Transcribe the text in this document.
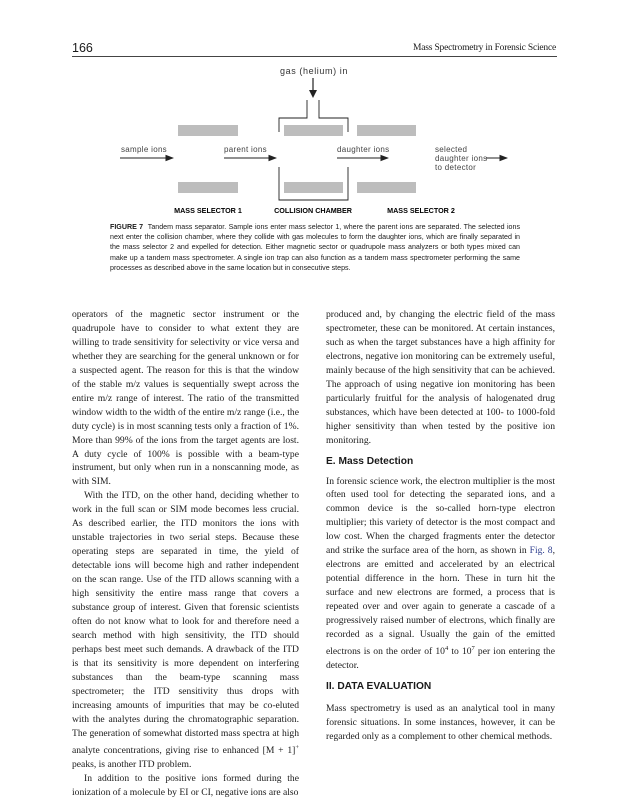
166	Mass Spectrometry in Forensic Science
gas (helium) in
sample ions	parent ions	daughter ions	selected
daughter ions
to detector
MASS SELECTOR 1	COLLISION CHAMBER	MASS SELECTOR 2
FIGURE 7 Tandem mass separator. Sample ions enter mass selector 1, where the parent ions are separated. The selected ions next enter the collision chamber, where they collide with gas molecules to form the daughter ions, which are finally separated in the mass selector 2 and expelled for detection. Either magnetic sector or quadrupole mass analyzers or both types mixed can make up a tandem mass spectrometer. A single ion trap can also function as a tandem mass spectrometer performing the same processes as described above in the same location but in consecutive steps.

operators of the magnetic sector instrument or the quadrupole have to consider to what extent they are willing to trade sensitivity for selectivity or vice versa and whether they are searching for the general unknown or for a suspected agent. The reason for this is that the window of the stable m/z values is sequentially swept across the entire m/z range of interest. The ratio of the transmitted window width to the width of the entire m/z range (i.e., the duty cycle) is in most scanning tests only a fraction of 1%. More than 99% of the ions from the target agents are lost. A duty cycle of 100% is possible with a beam-type instrument, but only when run in a nonscanning mode, as with SIM.

With the ITD, on the other hand, deciding whether to work in the full scan or SIM mode becomes less crucial. As described earlier, the ITD monitors the ions with unstable trajectories in two serial steps. Because these operating steps are separated in time, the yield of detectable ions will become high and rather independent on the scan range. Use of the ITD allows scanning with a high sensitivity the entire mass range that covers a substance group of interest. Given that forensic scientists often do not know what to look for and therefore need a search method with high sensitivity, the ITD should perhaps best meet such demands. A drawback of the ITD is that its sensitivity is more dependent on interfering substances than the beam-type scanning mass spectrometer; the ITD sensitivity thus drops with increasing amounts of impurities that may be co-eluted with the analytes during the chromatographic separation. The generation of somewhat distorted mass spectra at high analyte concentrations, giving rise to enhanced [M + 1]+ peaks, is another ITD problem.

In addition to the positive ions formed during the ionization of a molecule by EI or CI, negative ions are also

produced and, by changing the electric field of the mass spectrometer, these can be monitored. At certain instances, such as when the target substances have a high affinity for electrons, negative ion monitoring can be extremely useful, mainly because of the high sensitivity that can be achieved. The approach of using negative ion monitoring has been particularly fruitful for the analysis of halogenated drug substances, which have been detected at 100- to 1000-fold higher sensitivity than when tested by the positive ion monitoring.

E. Mass Detection

In forensic science work, the electron multiplier is the most often used tool for detecting the separated ions, and a common device is the so-called horn-type electron multiplier; this variety of detector is the most compact and low cost. When the charged fragments enter the detector and strike the surface area of the horn, as shown in Fig. 8, electrons are emitted and accelerated by an electrical potential difference in the horn. These in turn hit the surface and new electrons are formed, a process that is repeated over and over again to generate a cascade of a progressively raised number of electrons, which finally are recorded as a signal. Usually the gain of the emitted electrons is on the order of $10^4$ to $10^7$ per ion entering the detector.

II. DATA EVALUATION

Mass spectrometry is used as an analytical tool in many forensic situations. In some instances, however, it can be regarded only as a complement to other chemical methods.
